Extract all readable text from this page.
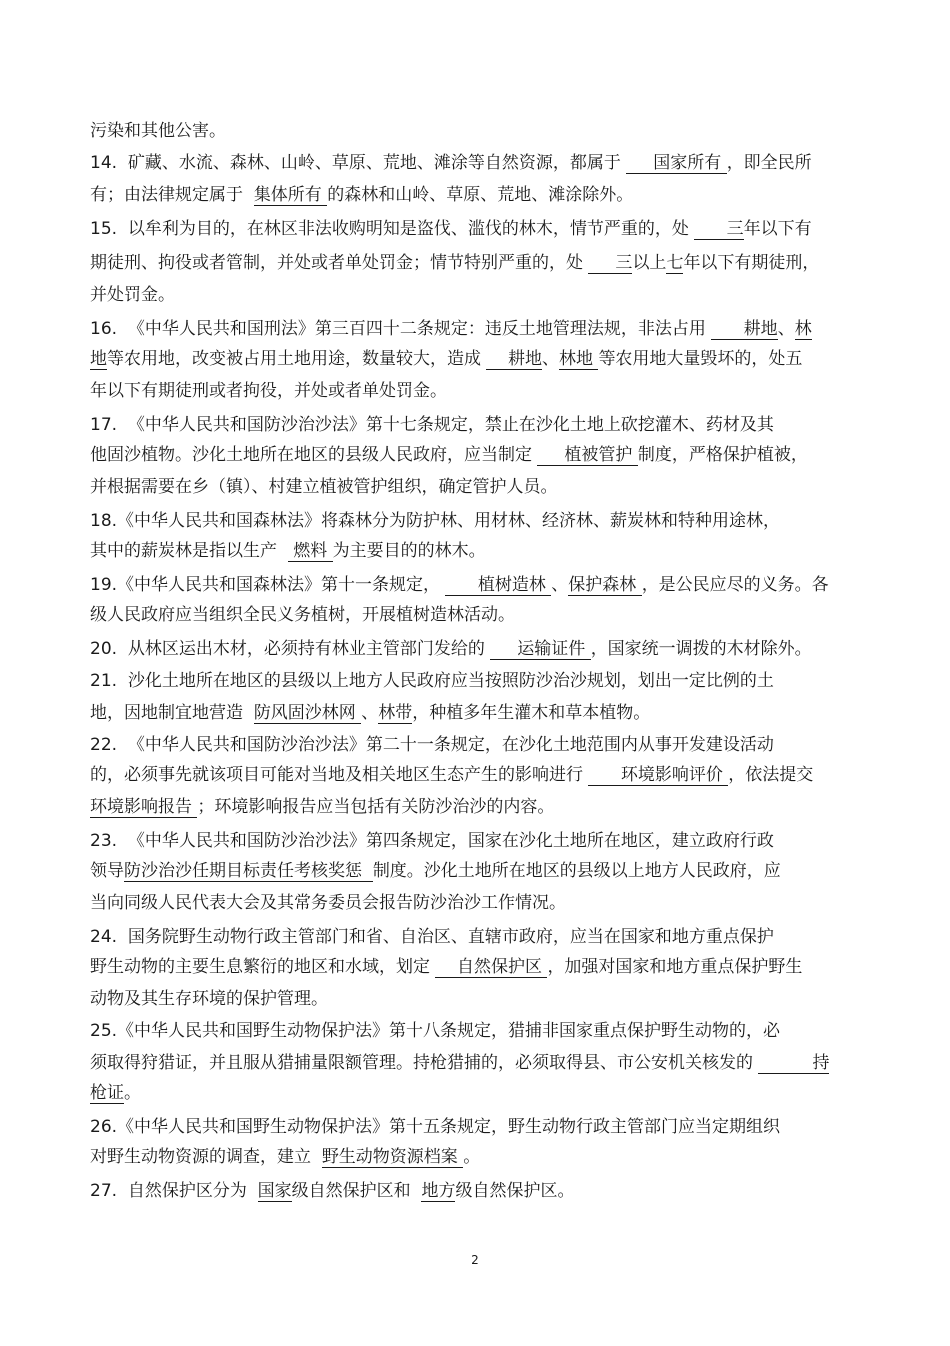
污染和其他公害。
14.  矿藏、水流、森林、山岭、草原、荒地、滩涂等自然资源，都属于      国家所有 ，即全民所
有；由法律规定属于  集体所有 的森林和山岭、草原、荒地、滩涂除外。
15.  以牟利为目的，在林区非法收购明知是盗伐、滥伐的林木，情节严重的，处       三年以下有
期徒刑、拘役或者管制，并处或者单处罚金；情节特别严重的，处      三以上七年以下有期徒刑，
并处罚金。
16.  《中华人民共和国刑法》第三百四十二条规定：违反土地管理法规，非法占用       耕地、林
地等农用地，改变被占用土地用途，数量较大，造成     耕地、林地 等农用地大量毁坏的，处五
年以下有期徒刑或者拘役，并处或者单处罚金。
17.  《中华人民共和国防沙治沙法》第十七条规定，禁止在沙化土地上砍挖灌木、药材及其
他固沙植物。沙化土地所在地区的县级人民政府，应当制定      植被管护 制度，严格保护植被，
并根据需要在乡（镇）、村建立植被管护组织，确定管护人员。
18.《中华人民共和国森林法》将森林分为防护林、用材林、经济林、薪炭林和特种用途林，
其中的薪炭林是指以生产   燃料 为主要目的的林木。
19.《中华人民共和国森林法》第十一条规定，       植树造林 、保护森林 ，是公民应尽的义务。各
级人民政府应当组织全民义务植树，开展植树造林活动。
20.  从林区运出木材，必须持有林业主管部门发给的      运输证件 ，国家统一调拨的木材除外。
21.  沙化土地所在地区的县级以上地方人民政府应当按照防沙治沙规划，划出一定比例的土
地，因地制宜地营造  防风固沙林网 、林带，种植多年生灌木和草本植物。
22.  《中华人民共和国防沙治沙法》第二十一条规定，在沙化土地范围内从事开发建设活动
的，必须事先就该项目可能对当地及相关地区生态产生的影响进行       环境影响评价 ，依法提交
环境影响报告 ；环境影响报告应当包括有关防沙治沙的内容。
23.  《中华人民共和国防沙治沙法》第四条规定，国家在沙化土地所在地区，建立政府行政
领导防沙治沙任期目标责任考核奖惩  制度。沙化土地所在地区的县级以上地方人民政府，应
当向同级人民代表大会及其常务委员会报告防沙治沙工作情况。
24.  国务院野生动物行政主管部门和省、自治区、直辖市政府，应当在国家和地方重点保护
野生动物的主要生息繁衍的地区和水域，划定     自然保护区 ，加强对国家和地方重点保护野生
动物及其生存环境的保护管理。
25.《中华人民共和国野生动物保护法》第十八条规定，猎捕非国家重点保护野生动物的，必
须取得狩猎证，并且服从猎捕量限额管理。持枪猎捕的，必须取得县、市公安机关核发的           持
枪证。
26.《中华人民共和国野生动物保护法》第十五条规定，野生动物行政主管部门应当定期组织
对野生动物资源的调查，建立  野生动物资源档案 。
27.  自然保护区分为  国家级自然保护区和  地方级自然保护区。
2
